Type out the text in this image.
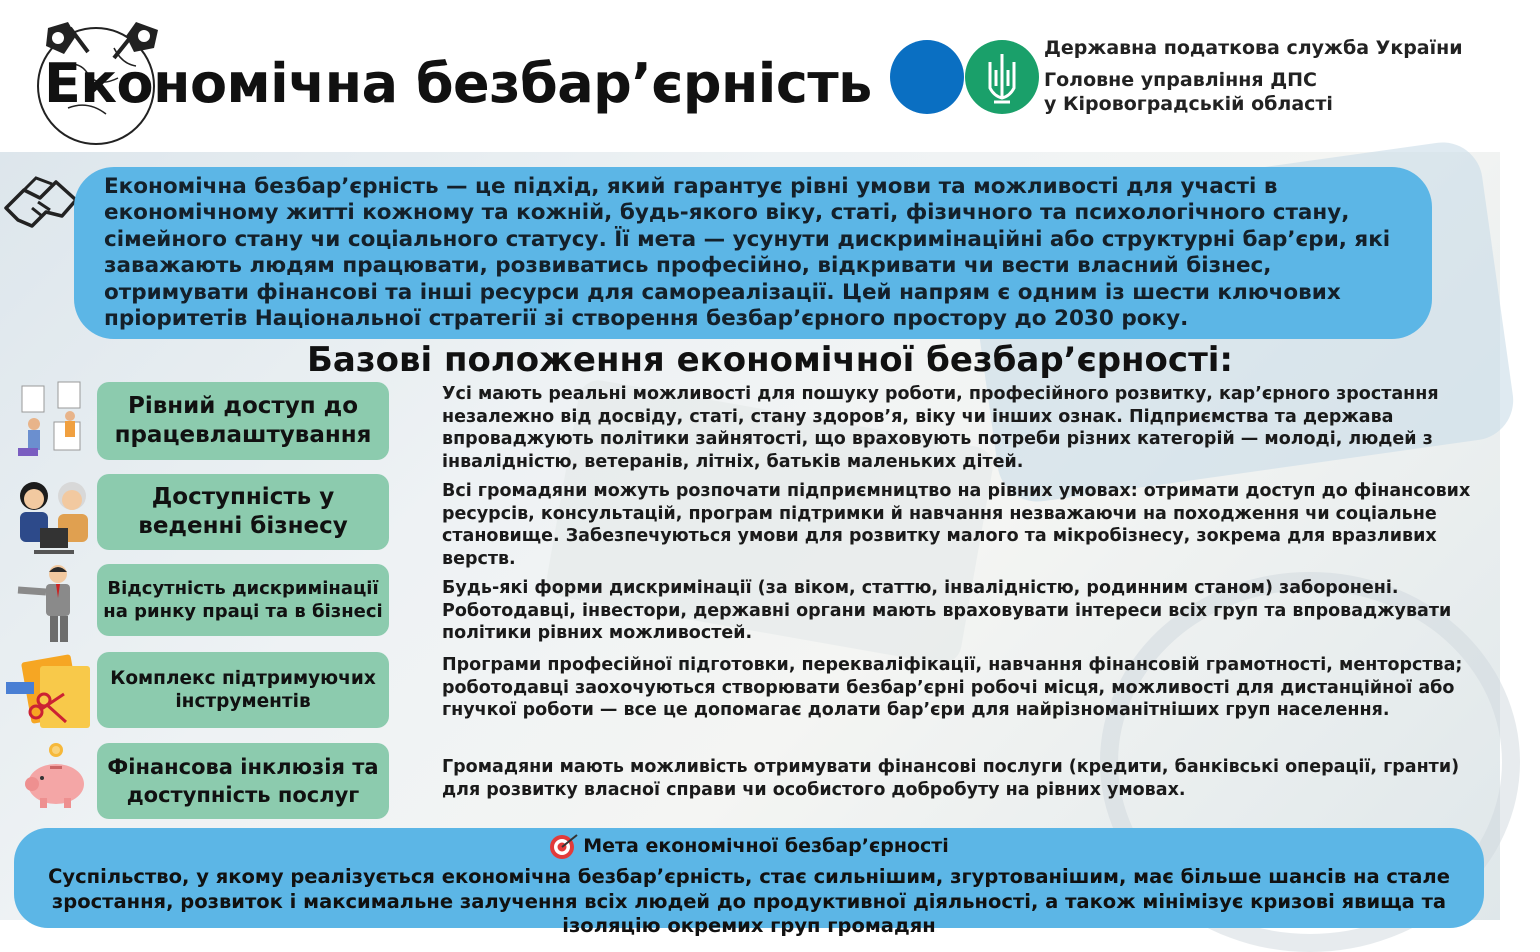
Економічна безбар’єрність
Державна податкова служба України
Головне управління ДПС
у Кіровоградській області

Економічна безбар’єрність — це підхід, який гарантує рівні умови та можливості для участі в економічному житті кожному та кожній, будь-якого віку, статі, фізичного та психологічного стану, сімейного стану чи соціального статусу. Її мета — усунути дискримінаційні або структурні бар’єри, які заважають людям працювати, розвиватись професійно, відкривати чи вести власний бізнес, отримувати фінансові та інші ресурси для самореалізації. Цей напрям є одним із шести ключових пріоритетів Національної стратегії зі створення безбар’єрного простору до 2030 року.

Базові положення економічної безбар’єрності:
Рівний доступ до працевлаштування
Усі мають реальні можливості для пошуку роботи, професійного розвитку, кар’єрного зростання незалежно від досвіду, статі, стану здоров’я, віку чи інших ознак. Підприємства та держава впроваджують політики зайнятості, що враховують потреби різних категорій — молоді, людей з інвалідністю, ветеранів, літніх, батьків маленьких дітей.
Доступність у веденні бізнесу
Всі громадяни можуть розпочати підприємництво на рівних умовах: отримати доступ до фінансових ресурсів, консультацій, програм підтримки й навчання незважаючи на походження чи соціальне становище. Забезпечуються умови для розвитку малого та мікробізнесу, зокрема для вразливих верств.
Відсутність дискримінації на ринку праці та в бізнесі
Будь-які форми дискримінації (за віком, статтю, інвалідністю, родинним станом) заборонені. Роботодавці, інвестори, державні органи мають враховувати інтереси всіх груп та впроваджувати політики рівних можливостей.
Комплекс підтримуючих інструментів
Програми професійної підготовки, перекваліфікації, навчання фінансовій грамотності, менторства; роботодавці заохочуються створювати безбар’єрні робочі місця, можливості для дистанційної або гнучкої роботи — все це допомагає долати бар’єри для найрізноманітніших груп населення.
Фінансова інклюзія та доступність послуг
Громадяни мають можливість отримувати фінансові послуги (кредити, банківські операції, гранти) для розвитку власної справи чи особистого добробуту на рівних умовах.
Мета економічної безбар’єрності
Суспільство, у якому реалізується економічна безбар’єрність, стає сильнішим, згуртованішим, має більше шансів на стале зростання, розвиток і максимальне залучення всіх людей до продуктивної діяльності, а також мінімізує кризові явища та ізоляцію окремих груп громадян
